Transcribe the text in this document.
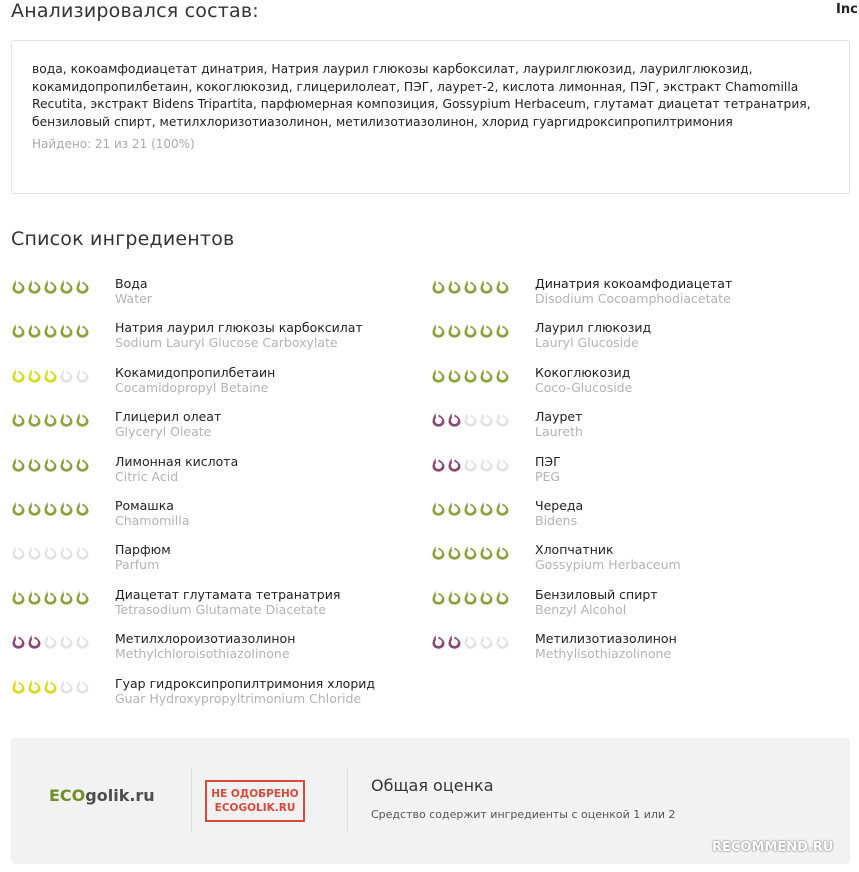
Анализировался состав:	Inc
вода, кокоамфодиацетат динатрия, Натрия лаурил глюкозы карбоксилат, лаурилглюкозид, лаурилглюкозид, кокамидопропилбетаин, кокоглюкозид, глицерилолеат, ПЭГ, лаурет-2, кислота лимонная, ПЭГ, экстракт Chamomilla Recutita, экстракт Bidens Tripartita, парфюмерная композиция, Gossypium Herbaceum, глутамат диацетат тетранатрия, бензиловый спирт, метилхлоризотиазолинон, метилизотиазолинон, хлорид гуаргидроксипропилтримония
Найдено: 21 из 21 (100%)
Список ингредиентов
Вода
Water
Динатрия кокоамфодиацетат
Disodium Cocoamphodiacetate
Натрия лаурил глюкозы карбоксилат
Sodium Lauryl Glucose Carboxylate
Лаурил глюкозид
Lauryl Glucoside
Кокамидопропилбетаин
Cocamidopropyl Betaine
Кокоглюкозид
Coco-Glucoside
Глицерил олеат
Glyceryl Oleate
Лаурет
Laureth
Лимонная кислота
Citric Acid
ПЭГ
PEG
Ромашка
Chamomilla
Череда
Bidens
Парфюм
Parfum
Хлопчатник
Gossypium Herbaceum
Диацетат глутамата тетранатрия
Tetrasodium Glutamate Diacetate
Бензиловый спирт
Benzyl Alcohol
Метилхлороизотиазолинон
Methylchloroisothiazolinone
Метилизотиазолинон
Methylisothiazolinone
Гуар гидроксипропилтримония хлорид
Guar Hydroxypropyltrimonium Chloride
ECOgolik.ru	НЕ ОДОБРЕНО
ECOGOLIK.RU
Общая оценка
Средство содержит ингредиенты с оценкой 1 или 2
RECOMMEND.RU
